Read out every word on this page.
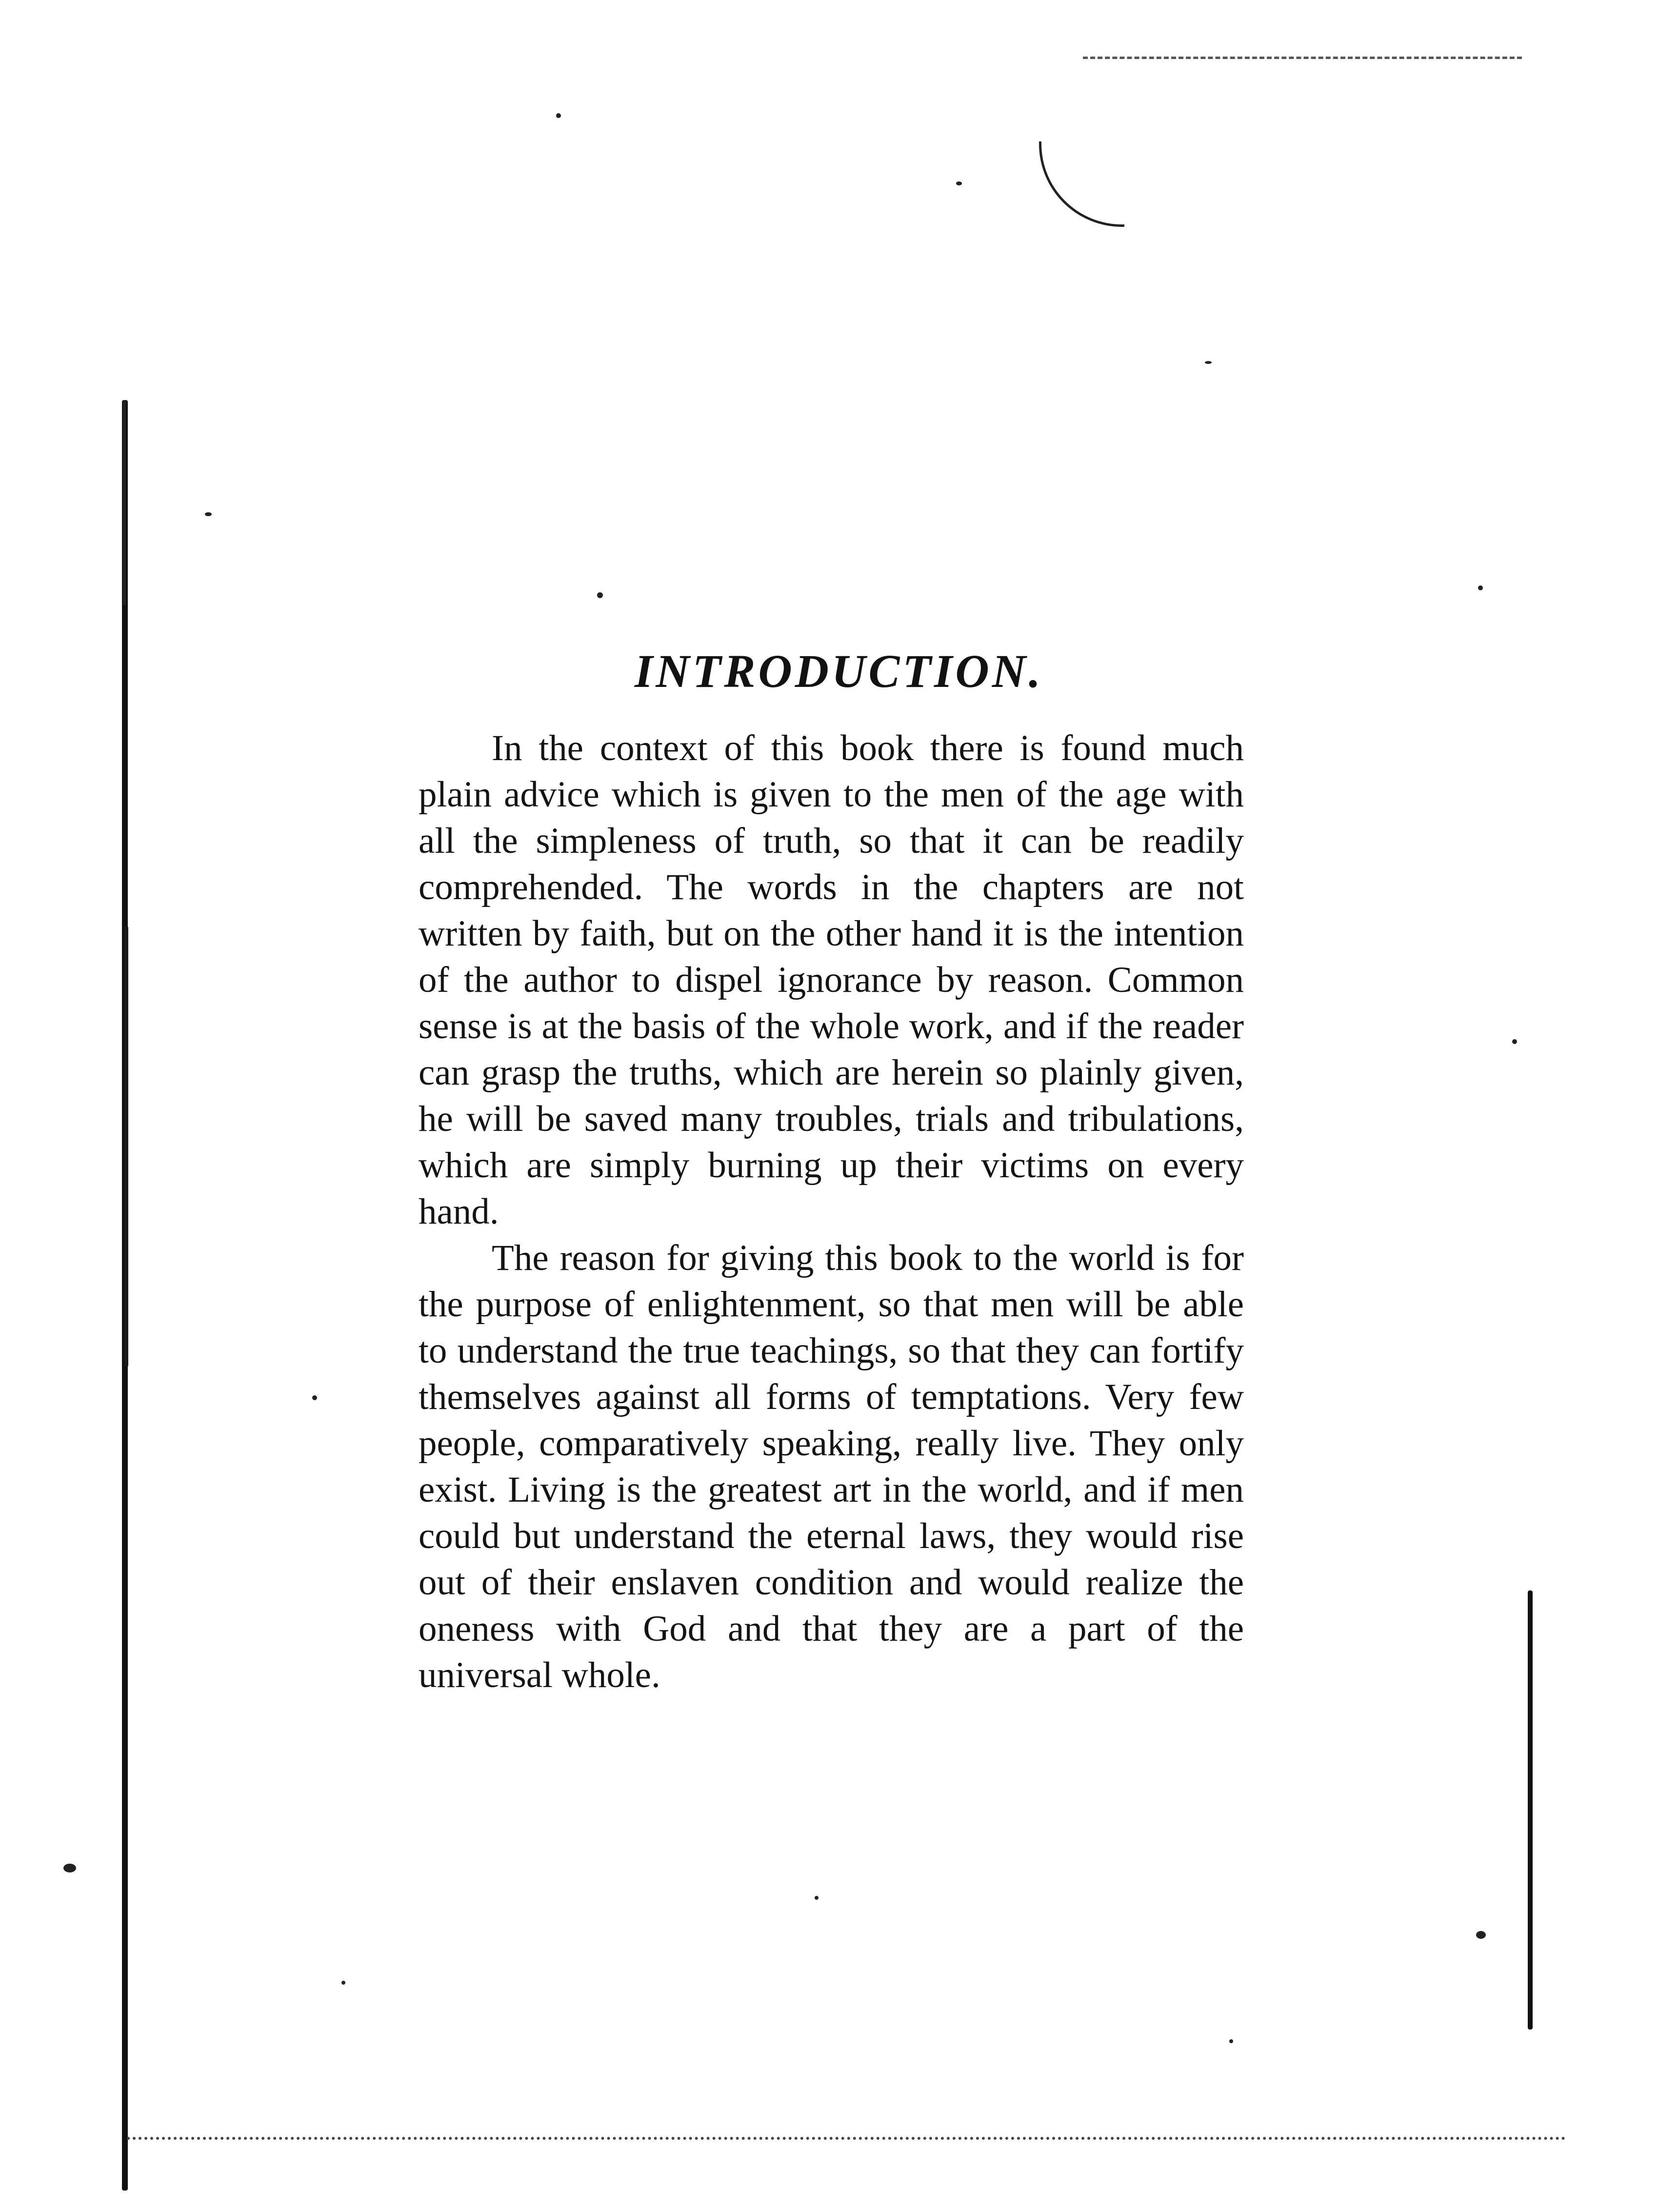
INTRODUCTION.

In the context of this book there is found much plain advice which is given to the men of the age with all the simpleness of truth, so that it can be readily comprehended. The words in the chapters are not written by faith, but on the other hand it is the intention of the author to dispel ignorance by reason. Common sense is at the basis of the whole work, and if the reader can grasp the truths, which are herein so plainly given, he will be saved many troubles, trials and tribulations, which are simply burning up their victims on every hand.

The reason for giving this book to the world is for the purpose of enlightenment, so that men will be able to understand the true teachings, so that they can fortify themselves against all forms of temptations. Very few people, comparatively speaking, really live. They only exist. Living is the greatest art in the world, and if men could but understand the eternal laws, they would rise out of their enslaven condition and would realize the oneness with God and that they are a part of the universal whole.
